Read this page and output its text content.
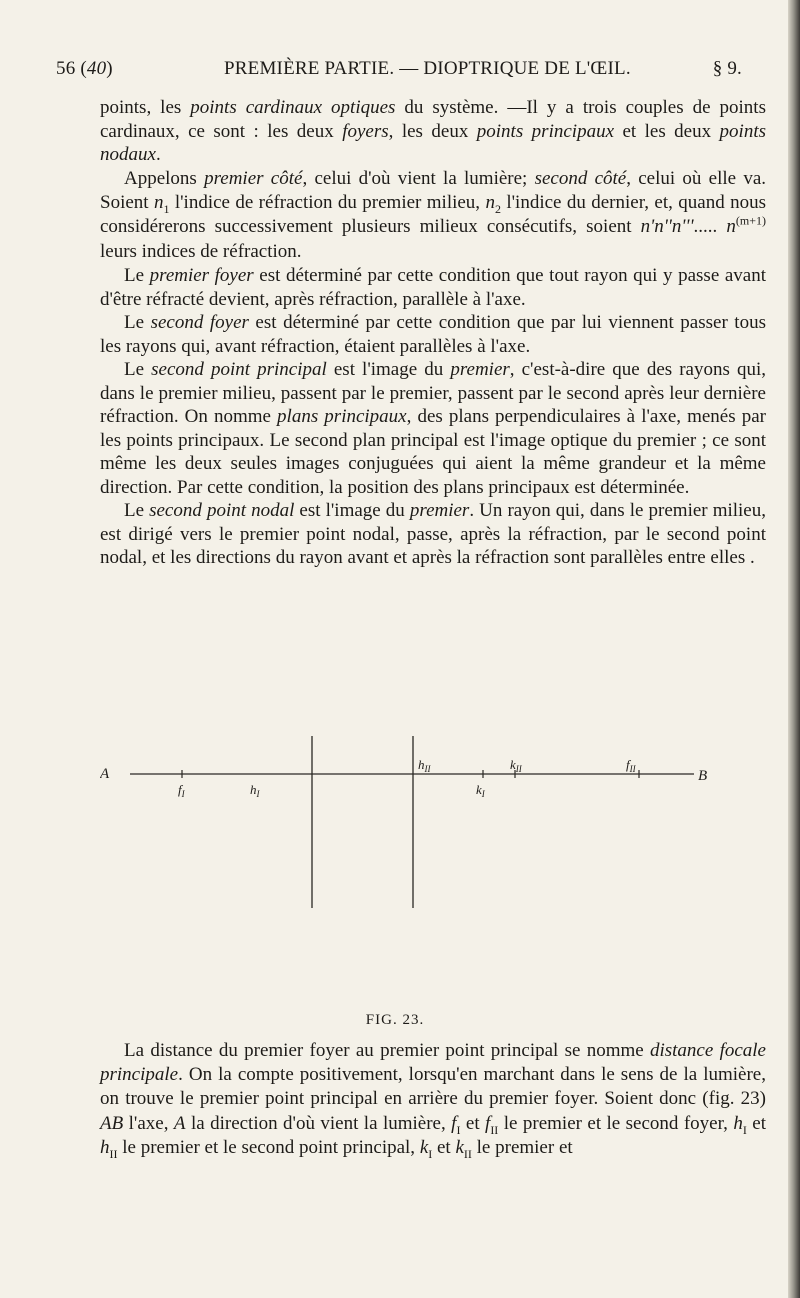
56 (40)	PREMIÈRE PARTIE. — DIOPTRIQUE DE L'ŒIL.	§ 9.

points, les points cardinaux optiques du système. —Il y a trois couples de points cardinaux, ce sont : les deux foyers, les deux points principaux et les deux points nodaux.

Appelons premier côté, celui d'où vient la lumière; second côté, celui où elle va. Soient $n_1$ l'indice de réfraction du premier milieu, $n_2$ l'indice du dernier, et, quand nous considérerons successivement plusieurs milieux consécutifs, soient n'n''n'''..... $n^{(m+1)}$ leurs indices de réfraction.

Le premier foyer est déterminé par cette condition que tout rayon qui y passe avant d'être réfracté devient, après réfraction, parallèle à l'axe.

Le second foyer est déterminé par cette condition que par lui viennent passer tous les rayons qui, avant réfraction, étaient parallèles à l'axe.

Le second point principal est l'image du premier, c'est-à-dire que des rayons qui, dans le premier milieu, passent par le premier, passent par le second après leur dernière réfraction. On nomme plans principaux, des plans perpendiculaires à l'axe, menés par les points principaux. Le second plan principal est l'image optique du premier ; ce sont même les deux seules images conjuguées qui aient la même grandeur et la même direction. Par cette condition, la position des plans principaux est déterminée.

Le second point nodal est l'image du premier. Un rayon qui, dans le premier milieu, est dirigé vers le premier point nodal, passe, après la réfraction, par le second point nodal, et les directions du rayon avant et après la réfraction sont parallèles entre elles .

A	B
$f_I$	$h_I$
$h_{II}$
$k_I$
$k_{II}$	$f_{II}$
FIG. 23.

La distance du premier foyer au premier point principal se nomme distance focale principale. On la compte positivement, lorsqu'en marchant dans le sens de la lumière, on trouve le premier point principal en arrière du premier foyer. Soient donc (fig. 23) AB l'axe, A la direction d'où vient la lumière, $f_I$ et $f_{II}$ le premier et le second foyer, $h_I$ et $h_{II}$ le premier et le second point principal, $k_I$ et $k_{II}$ le premier et
